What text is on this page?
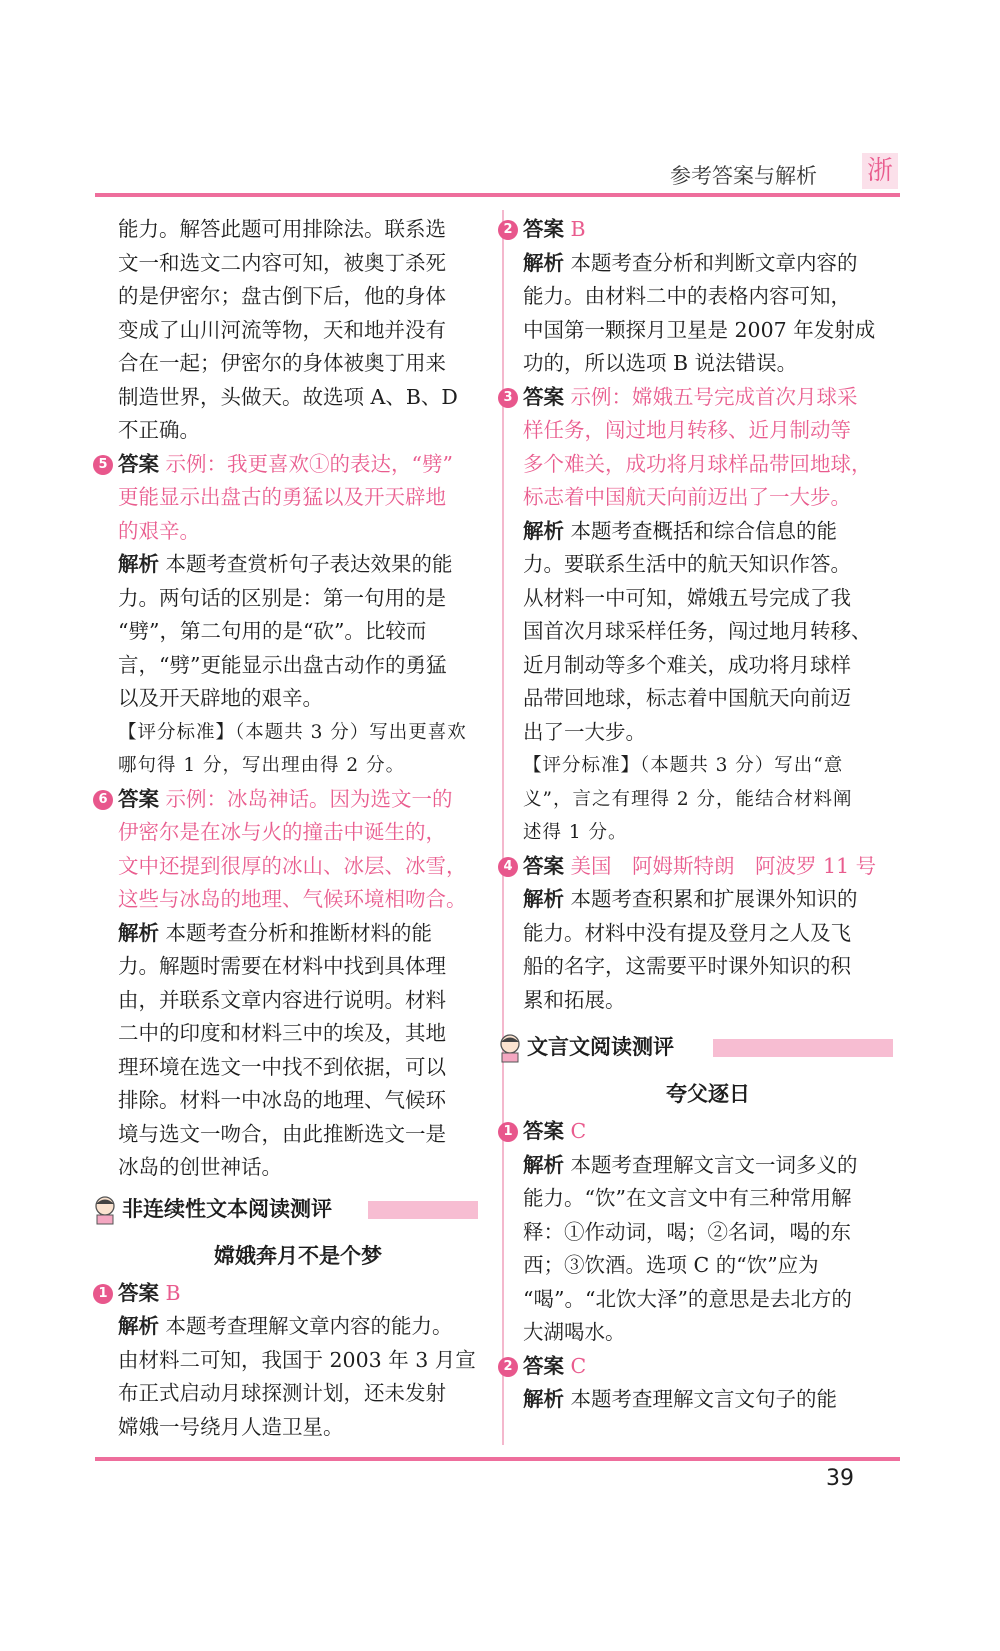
参考答案与解析 浙

能力。解答此题可用排除法。联系选

文一和选文二内容可知，被奥丁杀死

的是伊密尔；盘古倒下后，他的身体

变成了山川河流等物，天和地并没有

合在一起；伊密尔的身体被奥丁用来

制造世界，头做天。故选项 A、B、D

不正确。

5 答案 示例：我更喜欢①的表达，“劈”

更能显示出盘古的勇猛以及开天辟地

的艰辛。

解析 本题考查赏析句子表达效果的能

力。两句话的区别是：第一句用的是

“劈”，第二句用的是“砍”。比较而

言，“劈”更能显示出盘古动作的勇猛

以及开天辟地的艰辛。

【评分标准】（本题共 3 分）写出更喜欢

哪句得 1 分，写出理由得 2 分。

6 答案 示例：冰岛神话。因为选文一的

伊密尔是在冰与火的撞击中诞生的，

文中还提到很厚的冰山、冰层、冰雪，

这些与冰岛的地理、气候环境相吻合。

解析 本题考查分析和推断材料的能

力。解题时需要在材料中找到具体理

由，并联系文章内容进行说明。材料

二中的印度和材料三中的埃及，其地

理环境在选文一中找不到依据，可以

排除。材料一中冰岛的地理、气候环

境与选文一吻合，由此推断选文一是

冰岛的创世神话。

非连续性文本阅读测评
嫦娥奔月不是个梦
1 答案 B

解析 本题考查理解文章内容的能力。

由材料二可知，我国于 2003 年 3 月宣

布正式启动月球探测计划，还未发射

嫦娥一号绕月人造卫星。

2 答案 B

解析 本题考查分析和判断文章内容的

能力。由材料二中的表格内容可知，

中国第一颗探月卫星是 2007 年发射成

功的，所以选项 B 说法错误。

3 答案 示例：嫦娥五号完成首次月球采

样任务，闯过地月转移、近月制动等

多个难关，成功将月球样品带回地球，

标志着中国航天向前迈出了一大步。

解析 本题考查概括和综合信息的能

力。要联系生活中的航天知识作答。

从材料一中可知，嫦娥五号完成了我

国首次月球采样任务，闯过地月转移、

近月制动等多个难关，成功将月球样

品带回地球，标志着中国航天向前迈

出了一大步。

【评分标准】（本题共 3 分）写出“意

义”，言之有理得 2 分，能结合材料阐

述得 1 分。

4 答案 美国　阿姆斯特朗　阿波罗 11 号

解析 本题考查积累和扩展课外知识的

能力。材料中没有提及登月之人及飞

船的名字，这需要平时课外知识的积

累和拓展。

文言文阅读测评
夸父逐日
1 答案 C

解析 本题考查理解文言文一词多义的

能力。“饮”在文言文中有三种常用解

释：①作动词，喝；②名词，喝的东

西；③饮酒。选项 C 的“饮”应为

“喝”。“北饮大泽”的意思是去北方的

大湖喝水。

2 答案 C

解析 本题考查理解文言文句子的能

39
